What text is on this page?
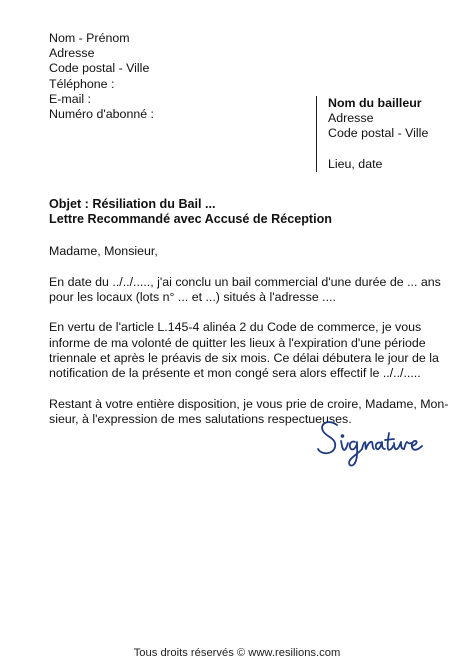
Nom - Prénom
Adresse
Code postal - Ville
Téléphone :
E-mail :
Numéro d'abonné :
Nom du bailleur
Adresse
Code postal - Ville
Lieu, date
Objet : Résiliation du Bail ...
Lettre Recommandé avec Accusé de Réception
Madame, Monsieur,
En date du ../../....., j'ai conclu un bail commercial d'une durée de ... ans
pour les locaux (lots n° ... et ...) situés à l'adresse ....
En vertu de l'article L.145-4 alinéa 2 du Code de commerce, je vous
informe de ma volonté de quitter les lieux à l'expiration d'une période
triennale et après le préavis de six mois. Ce délai débutera le jour de la
notification de la présente et mon congé sera alors effectif le ../../.....
Restant à votre entière disposition, je vous prie de croire, Madame, Mon-
sieur, à l'expression de mes salutations respectueuses.
Tous droits réservés © www.resilions.com
